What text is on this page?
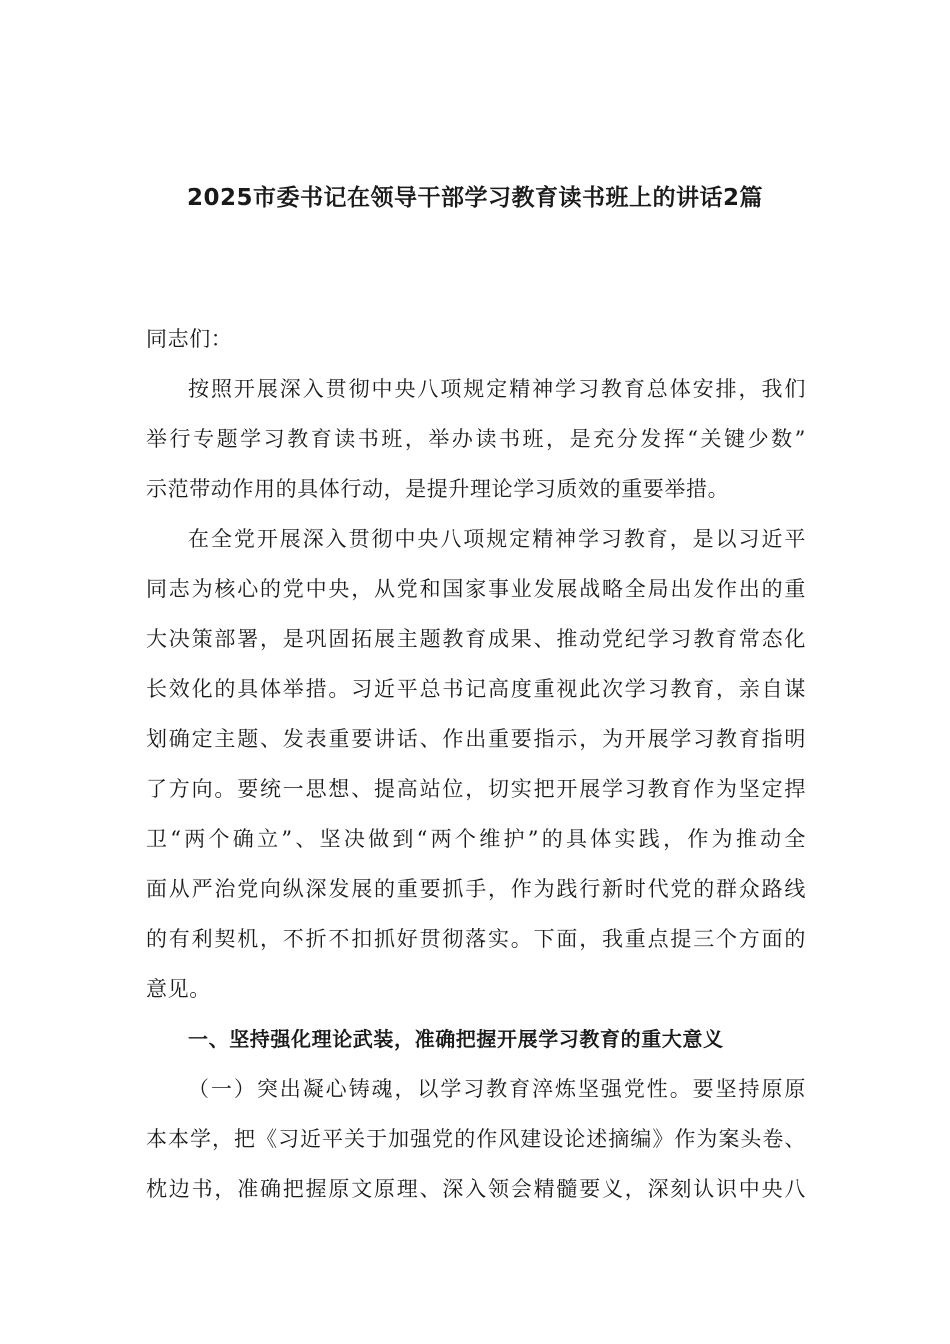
2025市委书记在领导干部学习教育读书班上的讲话2篇
同志们：
按照开展深入贯彻中央八项规定精神学习教育总体安排，我们
举行专题学习教育读书班，举办读书班，是充分发挥“关键少数”
示范带动作用的具体行动，是提升理论学习质效的重要举措。
在全党开展深入贯彻中央八项规定精神学习教育，是以习近平
同志为核心的党中央，从党和国家事业发展战略全局出发作出的重
大决策部署，是巩固拓展主题教育成果、推动党纪学习教育常态化
长效化的具体举措。习近平总书记高度重视此次学习教育，亲自谋
划确定主题、发表重要讲话、作出重要指示，为开展学习教育指明
了方向。要统一思想、提高站位，切实把开展学习教育作为坚定捍
卫“两个确立”、坚决做到“两个维护”的具体实践，作为推动全
面从严治党向纵深发展的重要抓手，作为践行新时代党的群众路线
的有利契机，不折不扣抓好贯彻落实。下面，我重点提三个方面的
意见。
一、坚持强化理论武装，准确把握开展学习教育的重大意义
（一）突出凝心铸魂，以学习教育淬炼坚强党性。要坚持原原
本本学，把《习近平关于加强党的作风建设论述摘编》作为案头卷、
枕边书，准确把握原文原理、深入领会精髓要义，深刻认识中央八
